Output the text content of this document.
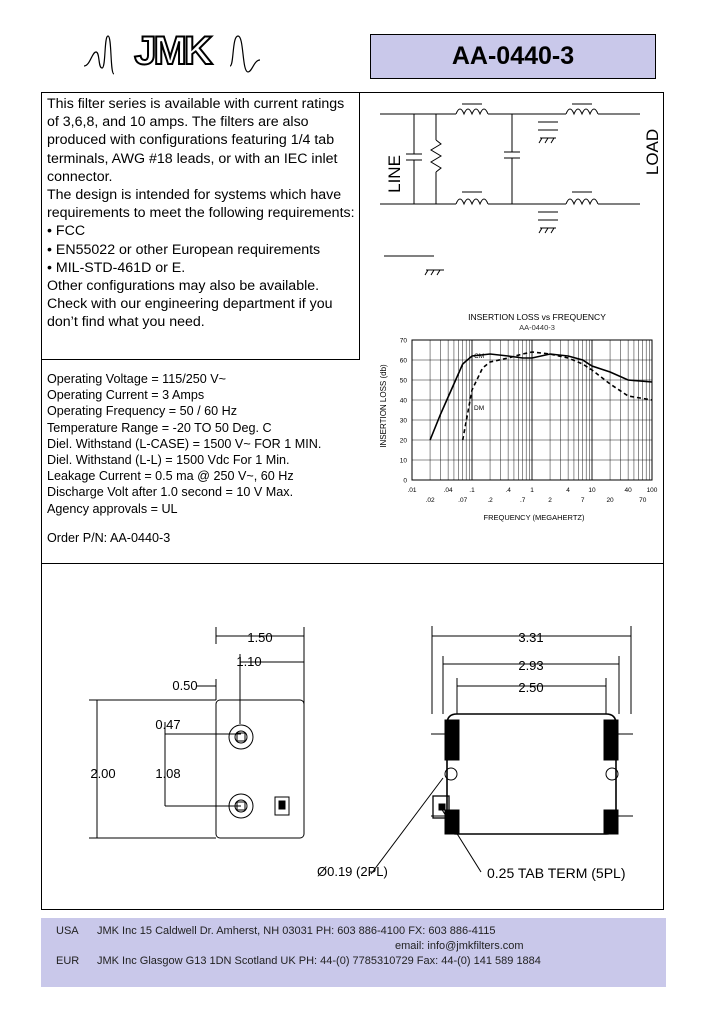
JMK	AA-0440-3

This filter series is available with current ratings of 3,6,8, and 10 amps. The filters are also produced with configurations featuring 1/4 tab terminals, AWG #18 leads, or with an IEC inlet connector.

The design is intended for systems which have requirements to meet the following requirements:

• FCC
• EN55022 or other European requirements
• MIL-STD-461D or E.

Other configurations may also be available. Check with our engineering department if you don’t find what you need.

Operating Voltage = 115/250 V~
Operating Current = 3 Amps
Operating Frequency = 50 / 60 Hz
Temperature Range = -20 TO 50 Deg. C
Diel. Withstand (L-CASE) = 1500 V~ FOR 1 MIN.
Diel. Withstand (L-L) = 1500 Vdc For 1 Min.
Leakage Current = 0.5 ma @ 250 V~, 60 Hz
Discharge Volt after 1.0 second = 10 V Max.
Agency approvals = UL
Order P/N: AA-0440-3
LINE	LOAD
INSERTION LOSS vs FREQUENCY
AA-0440-3
INSERTION LOSS (db)
FREQUENCY (MEGAHERTZ)
0
10
20
30
40
50
60
70
.01	.04	.1	.4	1	4	10	40 100
.02	.07	.2	.7	2	7	20	70
CM
DM
1.50
1.10
0.50
2.00
0.47
1.08
3.31
2.93
2.50
Ø0.19 (2PL)	0.25 TAB TERM (5PL)
USA JMK Inc 15 Caldwell Dr. Amherst, NH 03031 PH: 603 886-4100 FX: 603 886-4115
email: info@jmkfilters.com
EUR JMK Inc Glasgow G13 1DN Scotland UK PH: 44-(0) 7785310729 Fax: 44-(0) 141 589 1884
